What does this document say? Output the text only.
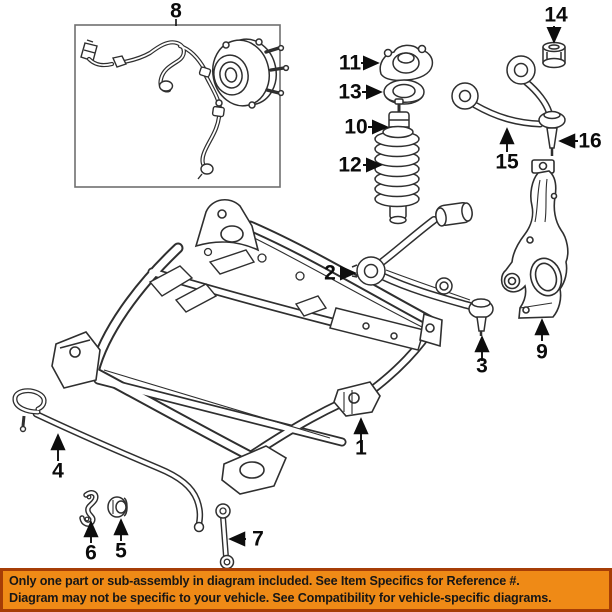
1
2
3
4
5
6
7
8
9
10
11
12
13
14
15
16
Only one part or sub-assembly in diagram included. See Item Specifics for Reference #.
Diagram may not be specific to your vehicle. See Compatibility for vehicle-specific diagrams.
